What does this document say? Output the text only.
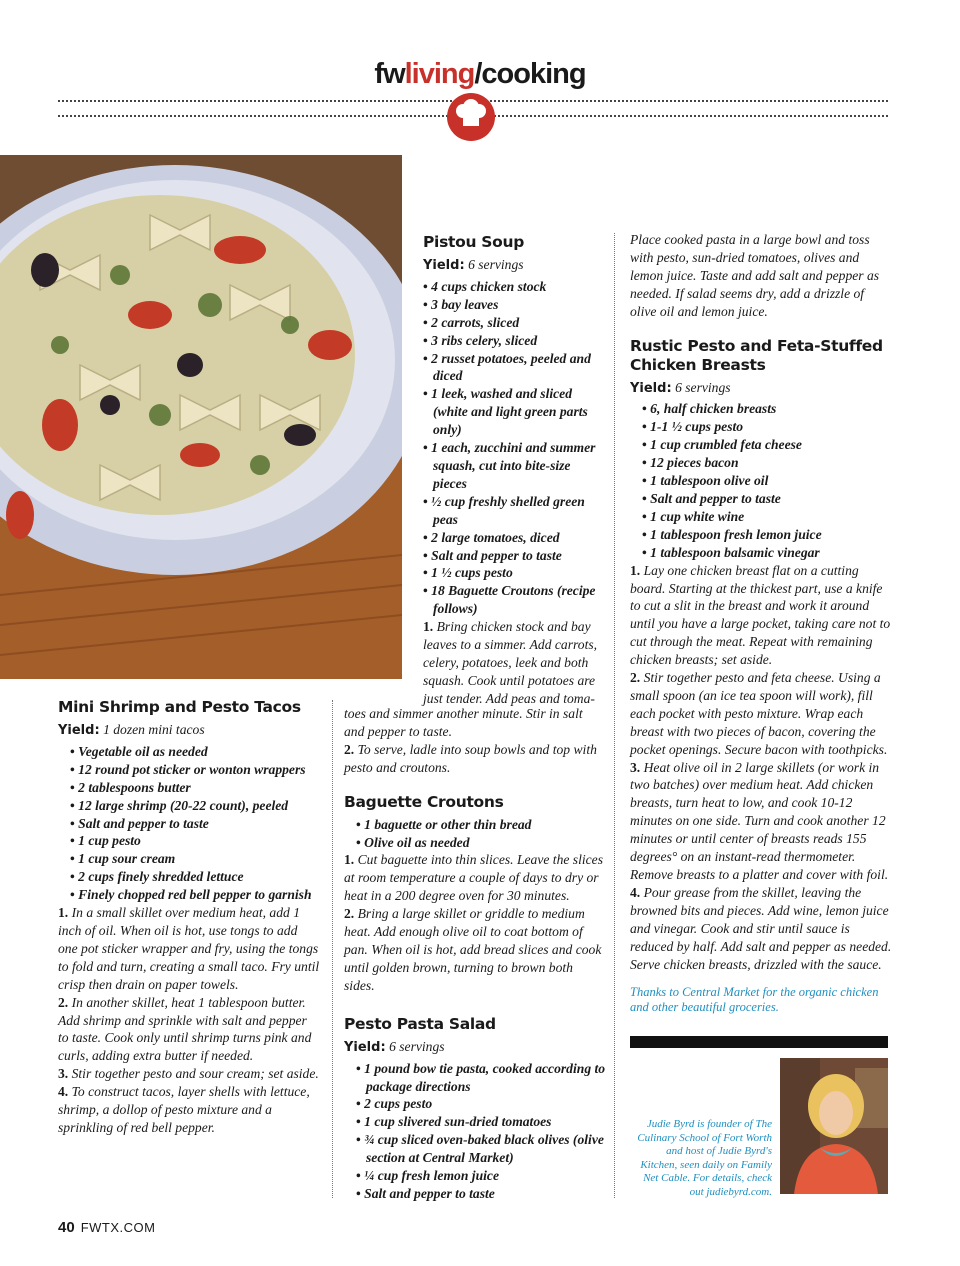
fwliving/cooking
Mini Shrimp and Pesto Tacos

Yield: 1 dozen mini tacos

• Vegetable oil as needed
• 12 round pot sticker or wonton wrappers
• 2 tablespoons butter
• 12 large shrimp (20-22 count), peeled
• Salt and pepper to taste
• 1 cup pesto
• 1 cup sour cream
• 2 cups finely shredded lettuce
• Finely chopped red bell pepper to garnish

1. In a small skillet over medium heat, add 1 inch of oil. When oil is hot, use tongs to add one pot sticker wrapper and fry, using the tongs to fold and turn, creating a small taco. Fry until crisp then drain on paper towels.

2. In another skillet, heat 1 tablespoon butter. Add shrimp and sprinkle with salt and pepper to taste. Cook only until shrimp turns pink and curls, adding extra butter if needed.

3. Stir together pesto and sour cream; set aside.

4. To construct tacos, layer shells with lettuce, shrimp, a dollop of pesto mixture and a sprinkling of red bell pepper.

Pistou Soup

Yield: 6 servings

• 4 cups chicken stock
• 3 bay leaves
• 2 carrots, sliced
• 3 ribs celery, sliced
• 2 russet potatoes, peeled and diced
• 1 leek, washed and sliced (white and light green parts only)
• 1 each, zucchini and summer squash, cut into bite-size pieces
• ½ cup freshly shelled green peas
• 2 large tomatoes, diced
• Salt and pepper to taste
• 1 ½ cups pesto
• 18 Baguette Croutons (recipe follows)

1. Bring chicken stock and bay leaves to a simmer. Add carrots, celery, potatoes, leek and both squash. Cook until potatoes are just tender. Add peas and toma-

toes and simmer another minute. Stir in salt and pepper to taste.

2. To serve, ladle into soup bowls and top with pesto and croutons.

Baguette Croutons
• 1 baguette or other thin bread
• Olive oil as needed

1. Cut baguette into thin slices. Leave the slices at room temperature a couple of days to dry or heat in a 200 degree oven for 30 minutes.

2. Bring a large skillet or griddle to medium heat. Add enough olive oil to coat bottom of pan. When oil is hot, add bread slices and cook until golden brown, turning to brown both sides.

Pesto Pasta Salad

Yield: 6 servings

• 1 pound bow tie pasta, cooked according to package directions
• 2 cups pesto
• 1 cup slivered sun-dried tomatoes
• ¾ cup sliced oven-baked black olives (olive section at Central Market)
• ¼ cup fresh lemon juice
• Salt and pepper to taste

Place cooked pasta in a large bowl and toss with pesto, sun-dried tomatoes, olives and lemon juice. Taste and add salt and pepper as needed. If salad seems dry, add a drizzle of olive oil and lemon juice.

Rustic Pesto and Feta-Stuffed Chicken Breasts

Yield: 6 servings

• 6, half chicken breasts
• 1-1 ½ cups pesto
• 1 cup crumbled feta cheese
• 12 pieces bacon
• 1 tablespoon olive oil
• Salt and pepper to taste
• 1 cup white wine
• 1 tablespoon fresh lemon juice
• 1 tablespoon balsamic vinegar

1. Lay one chicken breast flat on a cutting board. Starting at the thickest part, use a knife to cut a slit in the breast and work it around until you have a large pocket, taking care not to cut through the meat. Repeat with remaining chicken breasts; set aside.

2. Stir together pesto and feta cheese. Using a small spoon (an ice tea spoon will work), fill each pocket with pesto mixture. Wrap each breast with two pieces of bacon, covering the pocket openings. Secure bacon with toothpicks.

3. Heat olive oil in 2 large skillets (or work in two batches) over medium heat. Add chicken breasts, turn heat to low, and cook 10-12 minutes on one side. Turn and cook another 12 minutes or until center of breasts reads 155 degrees° on an instant-read thermometer. Remove breasts to a platter and cover with foil.

4. Pour grease from the skillet, leaving the browned bits and pieces. Add wine, lemon juice and vinegar. Cook and stir until sauce is reduced by half. Add salt and pepper as needed. Serve chicken breasts, drizzled with the sauce.

Thanks to Central Market for the organic chicken and other beautiful groceries.

Judie Byrd is founder of The Culinary School of Fort Worth and host of Judie Byrd's Kitchen, seen daily on Family Net Cable. For details, check out judiebyrd.com.

40 FWTX.COM
